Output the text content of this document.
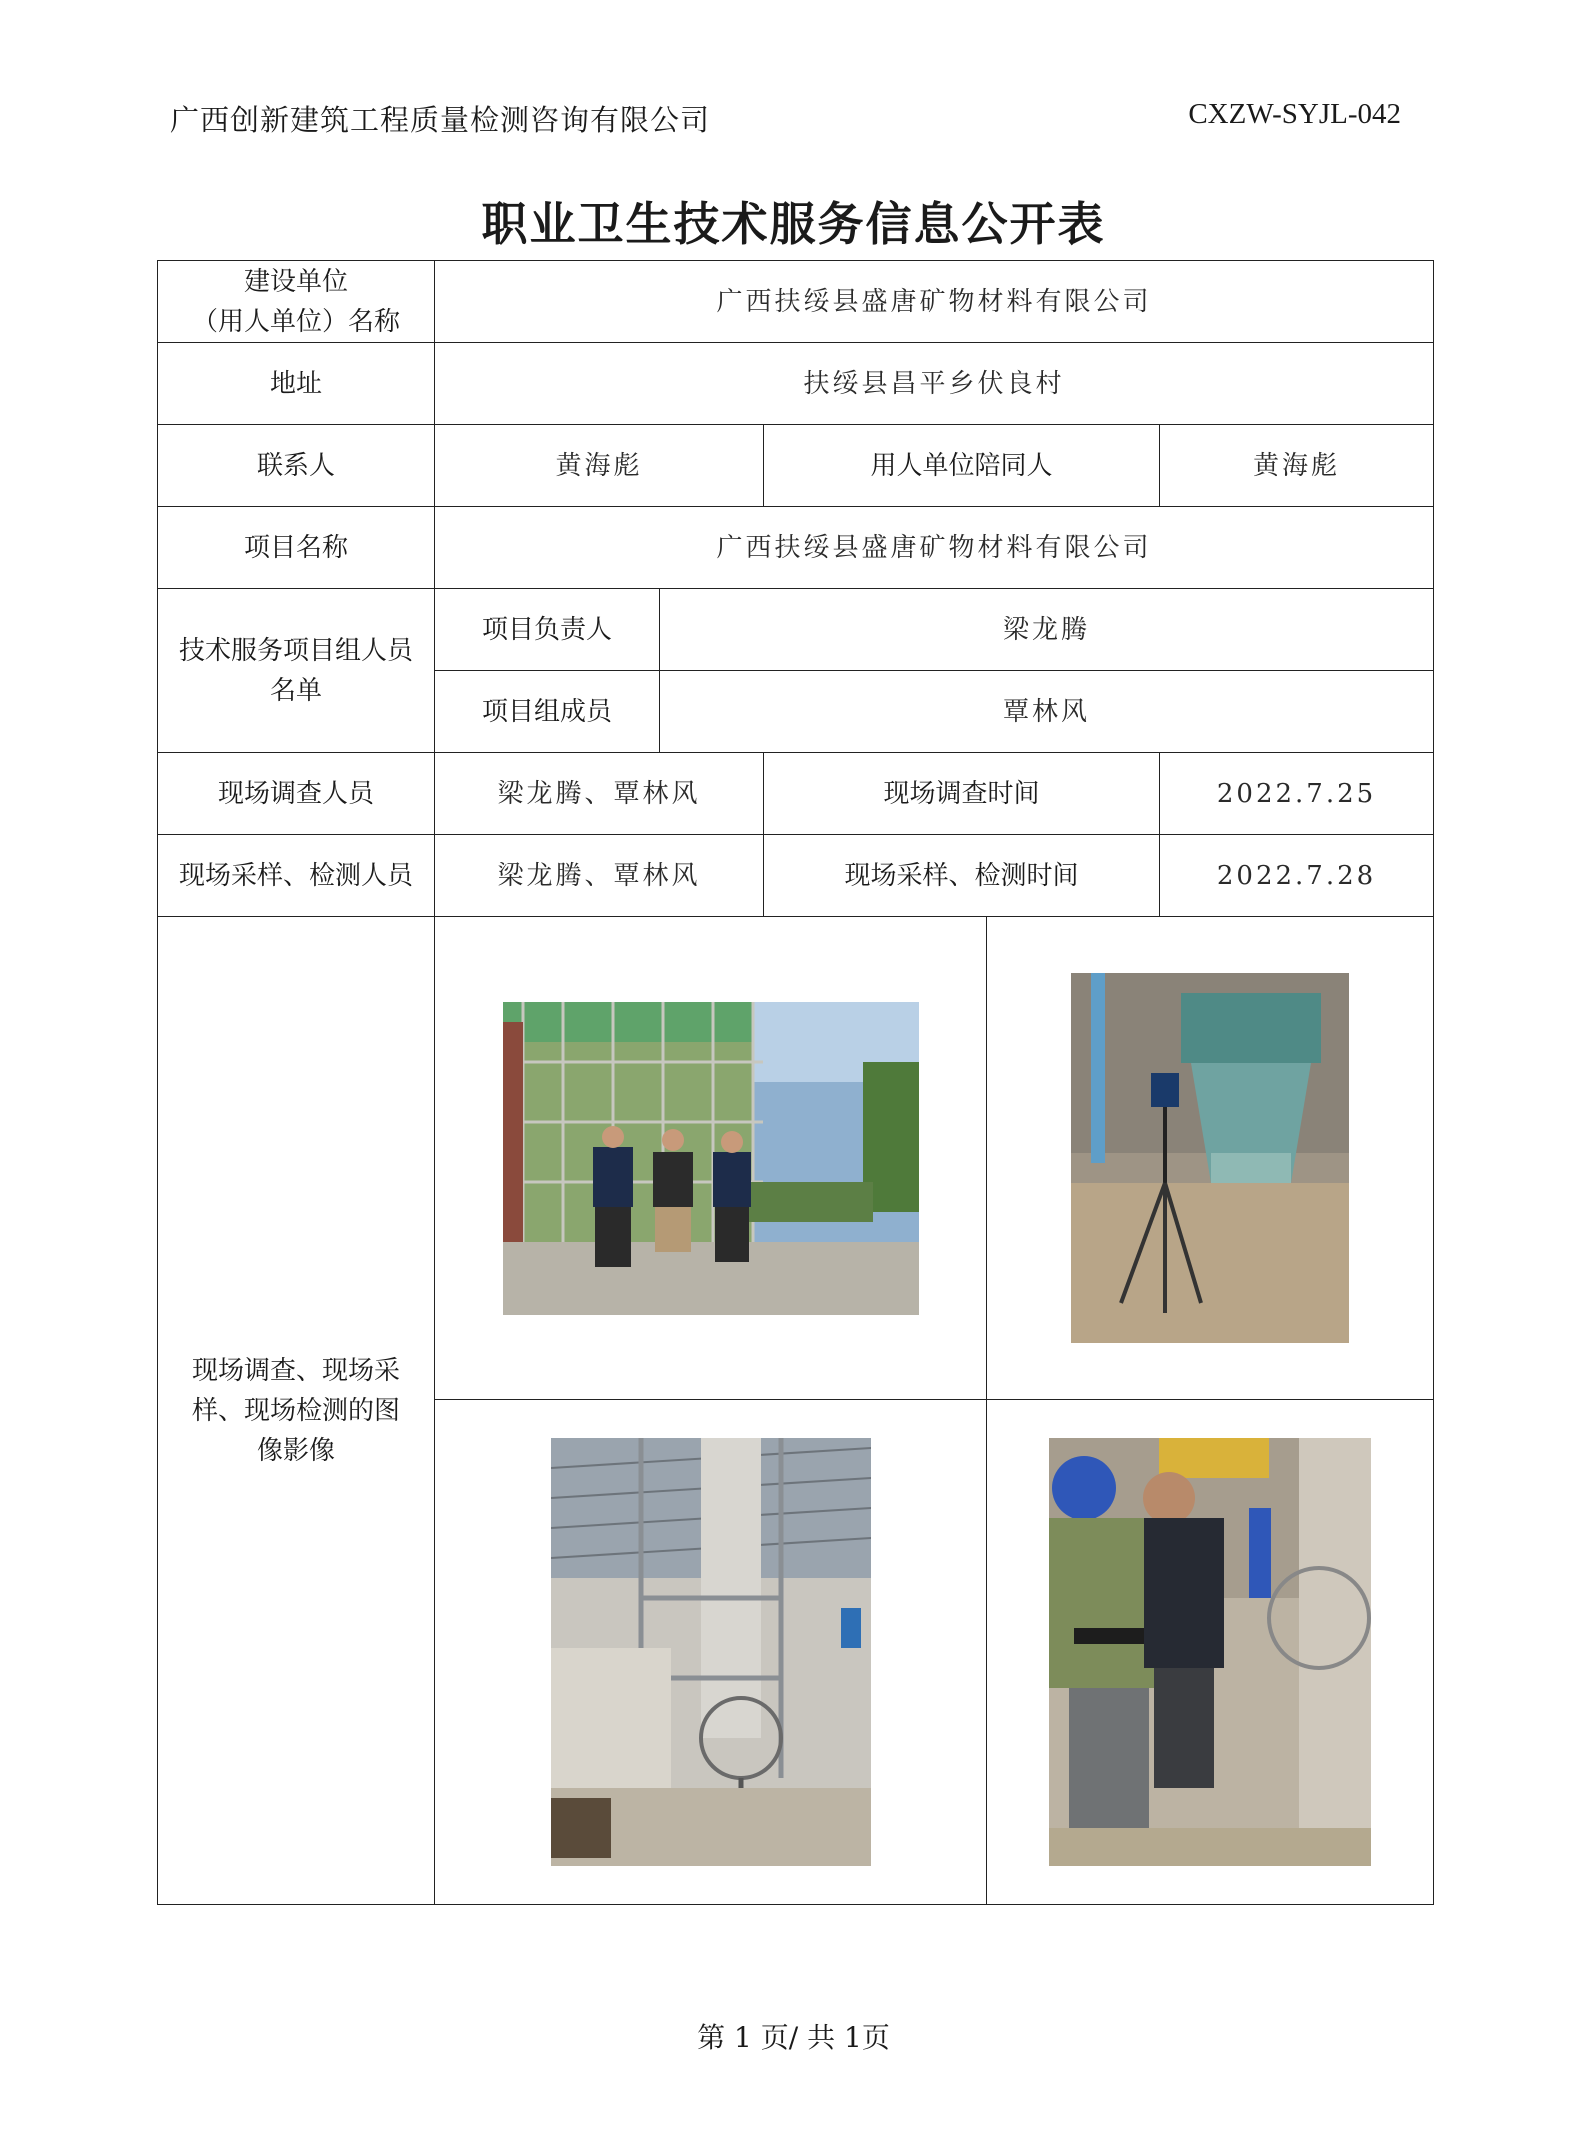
广西创新建筑工程质量检测咨询有限公司	CXZW-SYJL-042
职业卫生技术服务信息公开表
建设单位
（用人单位）名称	广西扶绥县盛唐矿物材料有限公司				
地址	扶绥县昌平乡伏良村				
联系人	黄海彪		用人单位陪同人		黄海彪
项目名称	广西扶绥县盛唐矿物材料有限公司				
技术服务项目组人员名单	项目负责人	梁龙腾			
	项目组成员	覃林风			
现场调查人员	梁龙腾、覃林风		现场调查时间		2022.7.25
现场采样、检测人员	梁龙腾、覃林风		现场采样、检测时间		2022.7.28
现场调查、现场采样、现场检测的图像影像	

第 1 页/ 共 1页
